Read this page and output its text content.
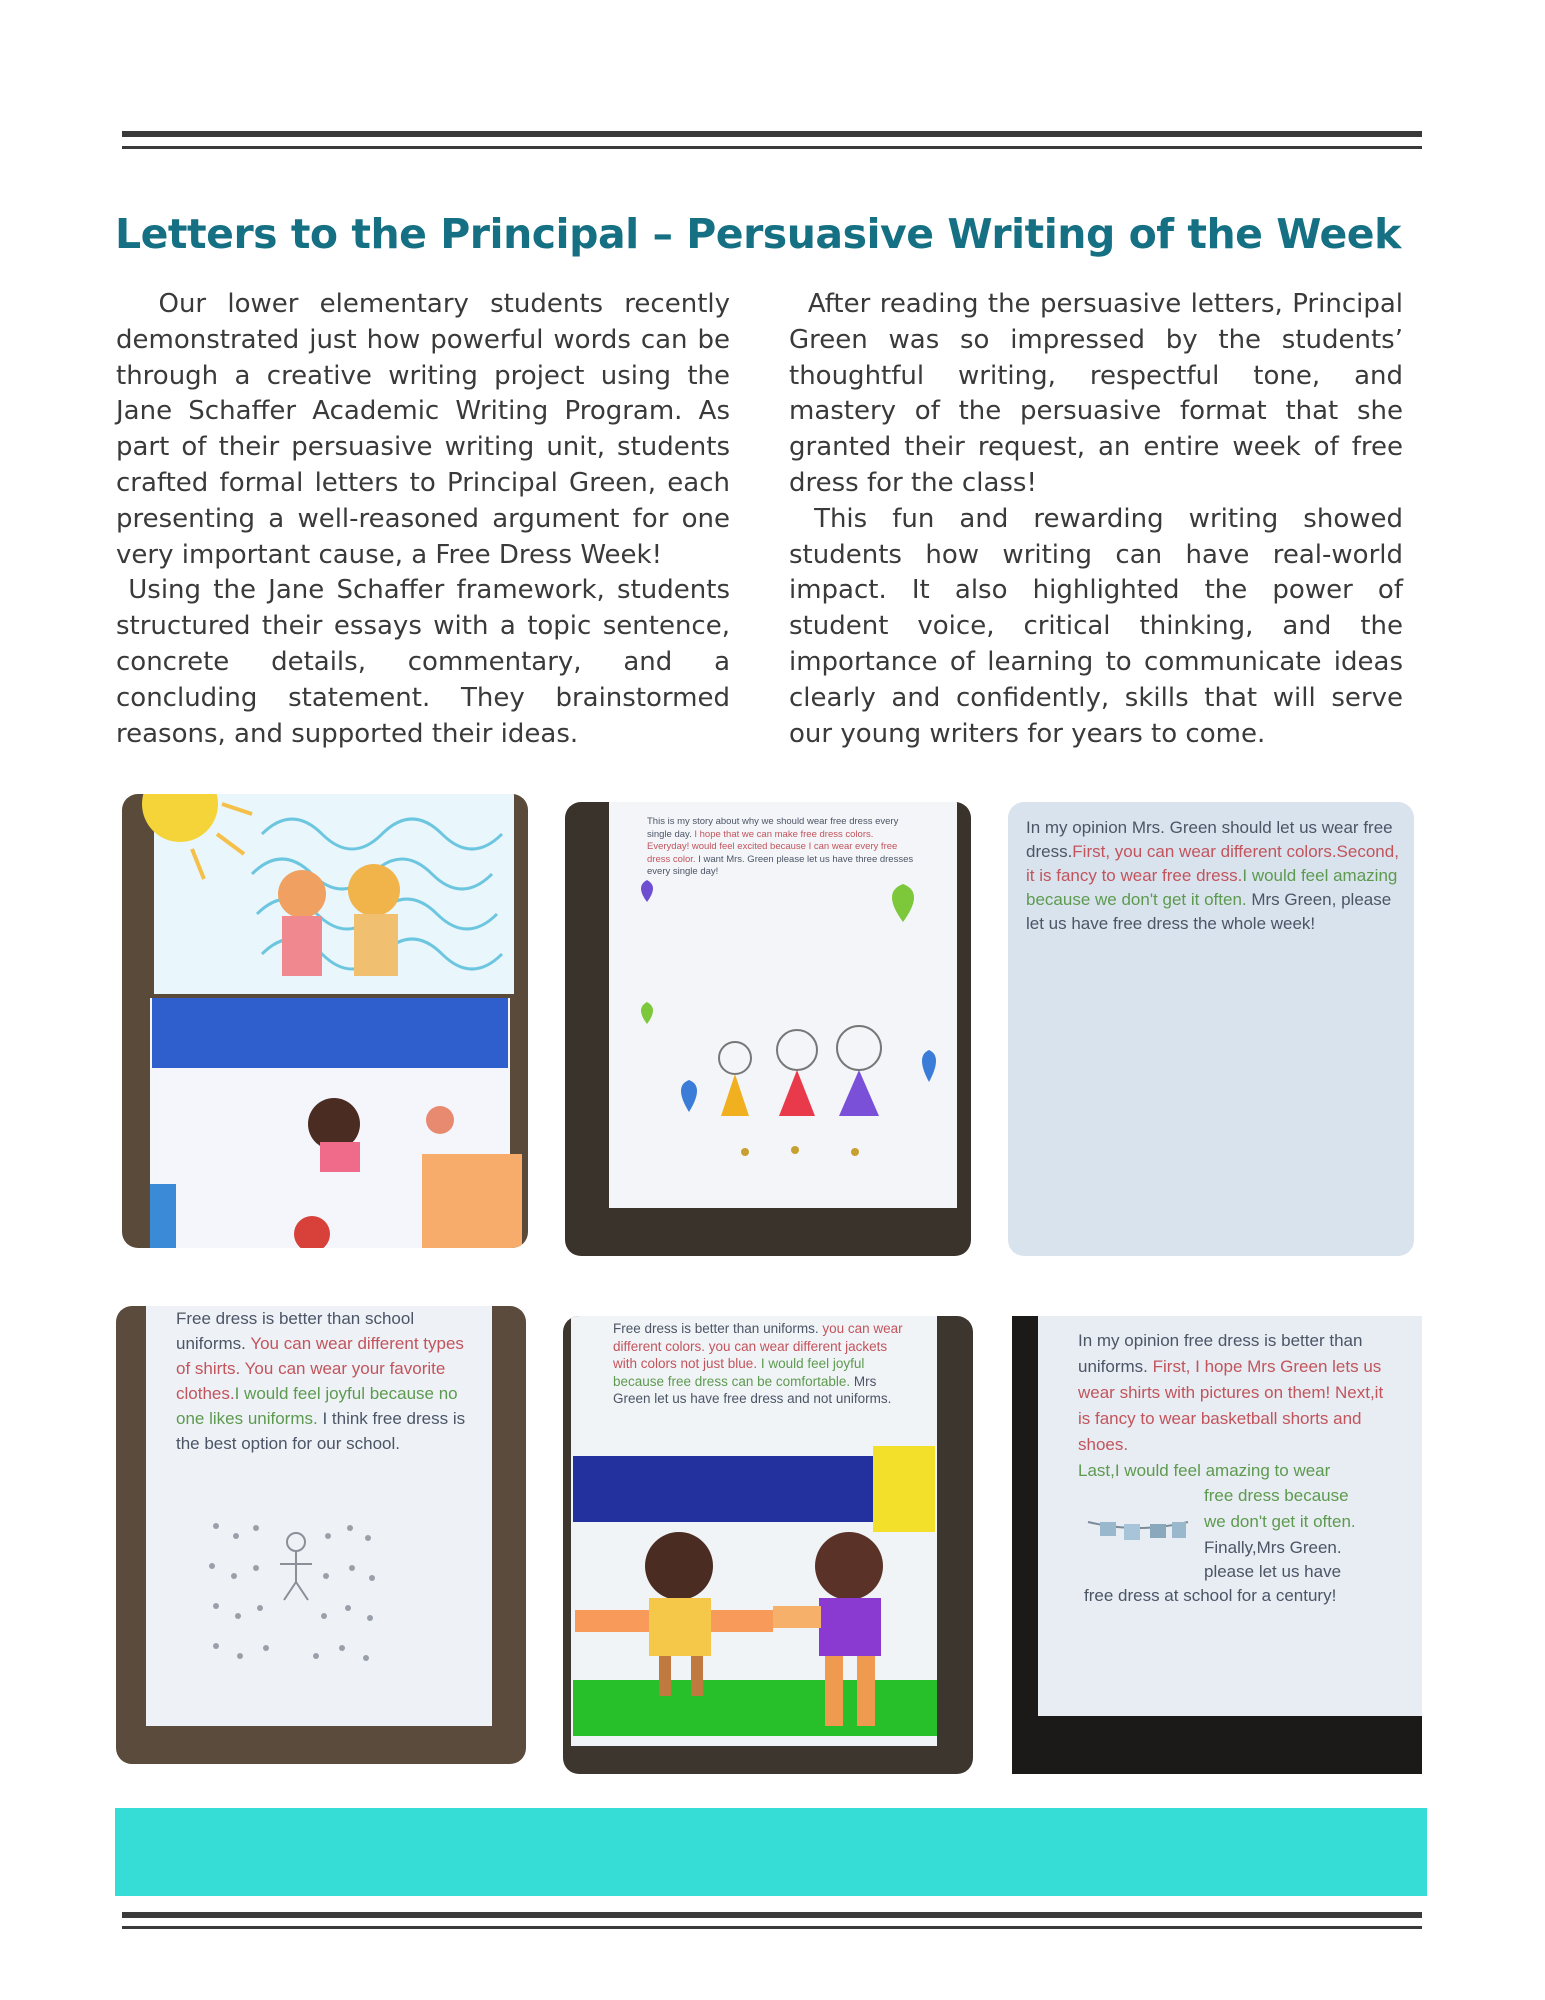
Letters to the Principal – Persuasive Writing of the Week

Our lower elementary students recently demonstrated just how powerful words can be through a creative writing project using the Jane Schaffer Academic Writing Program. As part of their persuasive writing unit, students crafted formal letters to Principal Green, each presenting a well-reasoned argument for one very important cause, a Free Dress Week!

Using the Jane Schaffer framework, students structured their essays with a topic sentence, concrete details, commentary, and a concluding statement. They brainstormed reasons, and supported their ideas.

After reading the persuasive letters, Principal Green was so impressed by the students’ thoughtful writing, respectful tone, and mastery of the persuasive format that she granted their request, an entire week of free dress for the class!

This fun and rewarding writing showed students how writing can have real-world impact. It also highlighted the power of student voice, critical thinking, and the importance of learning to communicate ideas clearly and confidently, skills that will serve our young writers for years to come.

This is my story about why we should wear free dress every single day. I hope that we can make free dress colors. Everyday! would feel excited because I can wear every free dress color. I want Mrs. Green please let us have three dresses every single day!
In my opinion Mrs. Green should let us wear free dress.First, you can wear different colors.Second, it is fancy to wear free dress.I would feel amazing because we don't get it often. Mrs Green, please let us have free dress the whole week!
Free dress is better than school uniforms. You can wear different types of shirts. You can wear your favorite clothes.I would feel joyful because no one likes uniforms. I think free dress is the best option for our school.
Free dress is better than uniforms. you can wear different colors. you can wear different jackets with colors not just blue. I would feel joyful because free dress can be comfortable. Mrs Green let us have free dress and not uniforms.
In my opinion free dress is better than uniforms. First, I hope Mrs Green lets us wear shirts with pictures on them! Next,it is fancy to wear basketball shorts and shoes.
Last,I would feel amazing to wear
free dress because
we don't get it often.
Finally,Mrs Green.
please let us have
free dress at school for a century!
